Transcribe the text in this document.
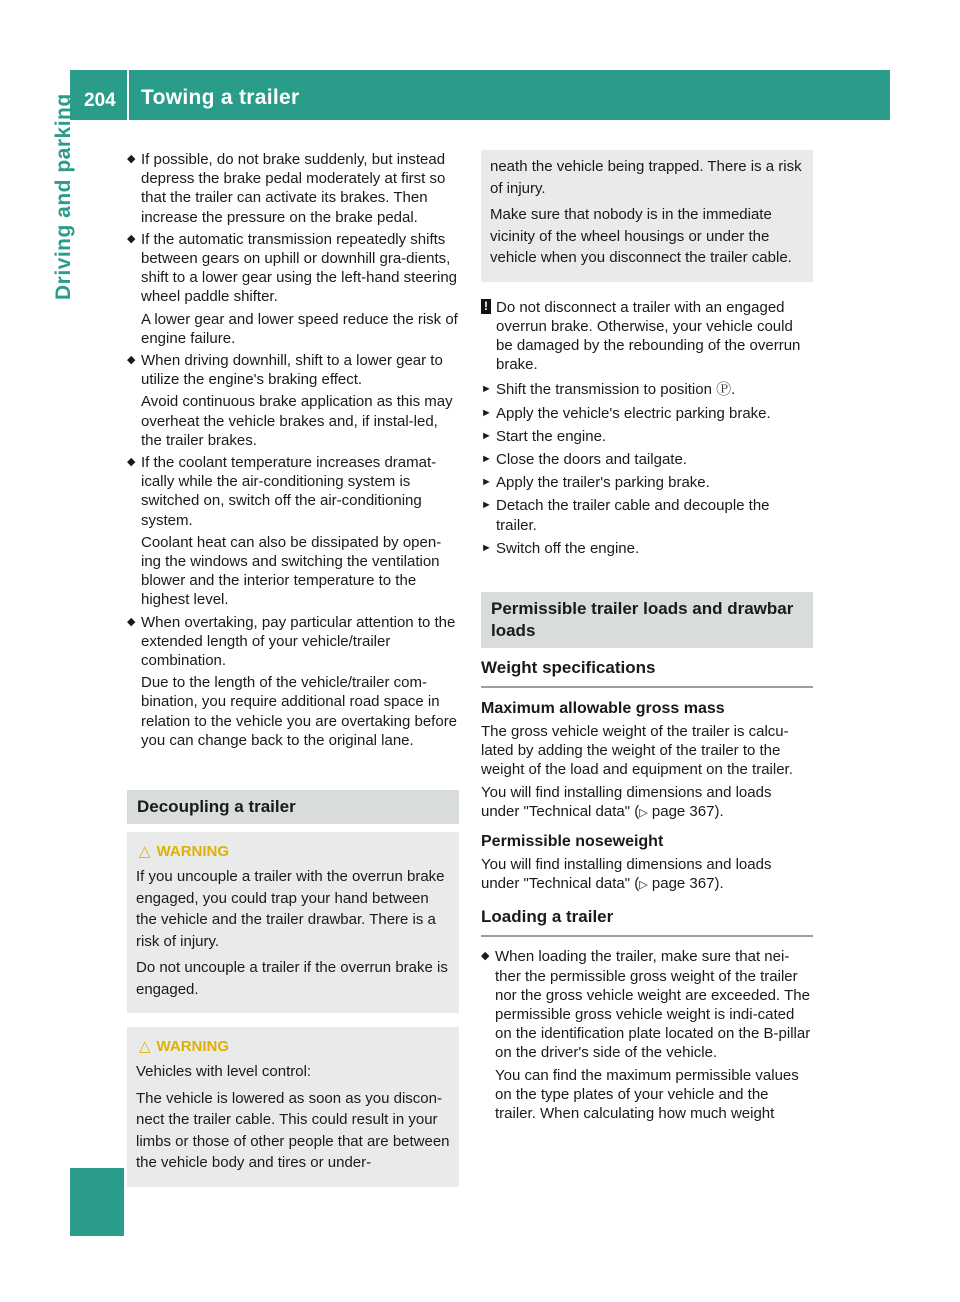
204 Towing a trailer
Driving and parking	◆ If possible, do not brake suddenly, but instead depress the brake pedal moderately at first so that the trailer can activate its brakes. Then increase the pressure on the brake pedal.

◆ If the automatic transmission repeatedly shifts between gears on uphill or downhill gra-dients, shift to a lower gear using the left-hand steering wheel paddle shifter.

A lower gear and lower speed reduce the risk of engine failure.

◆ When driving downhill, shift to a lower gear to utilize the engine's braking effect.

Avoid continuous brake application as this may overheat the vehicle brakes and, if instal-led, the trailer brakes.

◆ If the coolant temperature increases dramat-ically while the air-conditioning system is switched on, switch off the air-conditioning system.

Coolant heat can also be dissipated by open-ing the windows and switching the ventilation blower and the interior temperature to the highest level.

◆ When overtaking, pay particular attention to the extended length of your vehicle/trailer combination.

Due to the length of the vehicle/trailer com-bination, you require additional road space in relation to the vehicle you are overtaking before you can change back to the original lane.

Decoupling a trailer

△ WARNING

If you uncouple a trailer with the overrun brake engaged, you could trap your hand between the vehicle and the trailer drawbar. There is a risk of injury.

Do not uncouple a trailer if the overrun brake is engaged.

△ WARNING

Vehicles with level control:

The vehicle is lowered as soon as you discon-nect the trailer cable. This could result in your limbs or those of other people that are between the vehicle body and tires or under-

neath the vehicle being trapped. There is a risk of injury.

Make sure that nobody is in the immediate vicinity of the wheel housings or under the vehicle when you disconnect the trailer cable.

! Do not disconnect a trailer with an engaged overrun brake. Otherwise, your vehicle could be damaged by the rebounding of the overrun brake.

► Shift the transmission to position Ⓟ.

► Apply the vehicle's electric parking brake.

► Start the engine.

► Close the doors and tailgate.

► Apply the trailer's parking brake.

► Detach the trailer cable and decouple the trailer.

► Switch off the engine.

Permissible trailer loads and drawbar loads

Weight specifications

Maximum allowable gross mass

The gross vehicle weight of the trailer is calcu-lated by adding the weight of the trailer to the weight of the load and equipment on the trailer.

You will find installing dimensions and loads under "Technical data" (▷ page 367).

Permissible noseweight

You will find installing dimensions and loads under "Technical data" (▷ page 367).

Loading a trailer

◆ When loading the trailer, make sure that nei-ther the permissible gross weight of the trailer nor the gross vehicle weight are exceeded. The permissible gross vehicle weight is indi-cated on the identification plate located on the B-pillar on the driver's side of the vehicle.

You can find the maximum permissible values on the type plates of your vehicle and the trailer. When calculating how much weight
